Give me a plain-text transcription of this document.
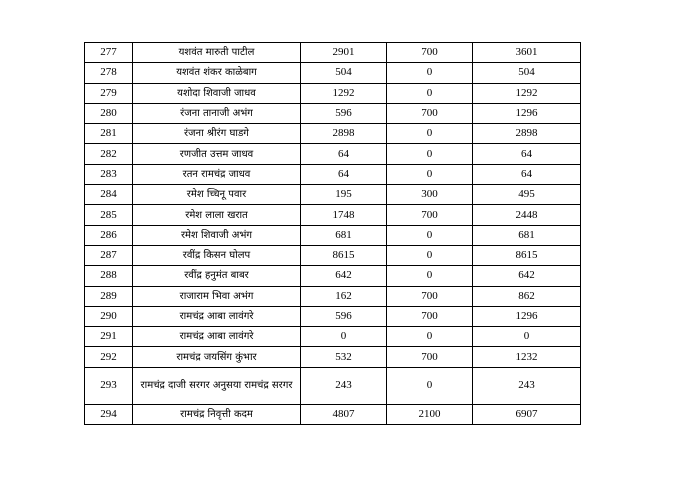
277	यशवंत मारुती पाटील	2901	700	3601
278	यशवंत शंकर काळेबाग	504	0	504
279	यशोदा शिवाजी जाधव	1292	0	1292
280	रंजना तानाजी अभंग	596	700	1296
281	रंजना श्रीरंग घाडगे	2898	0	2898
282	रणजीत उत्तम जाधव	64	0	64
283	रतन रामचंद्र जाधव	64	0	64
284	रमेश च्चिनू पवार	195	300	495
285	रमेश लाला खरात	1748	700	2448
286	रमेश शिवाजी अभंग	681	0	681
287	रवींद्र किसन घोलप	8615	0	8615
288	रवींद्र हनुमंत बाबर	642	0	642
289	राजाराम भिवा अभंग	162	700	862
290	रामचंद्र आबा लावंगरे	596	700	1296
291	रामचंद्र आबा लावंगरे	0	0	0
292	रामचंद्र जयसिंग कुंभार	532	700	1232
293	रामचंद्र दाजी सरगर अनुसया रामचंद्र सरगर	243	0	243
294	रामचंद्र निवृत्ती कदम	4807	2100	6907
